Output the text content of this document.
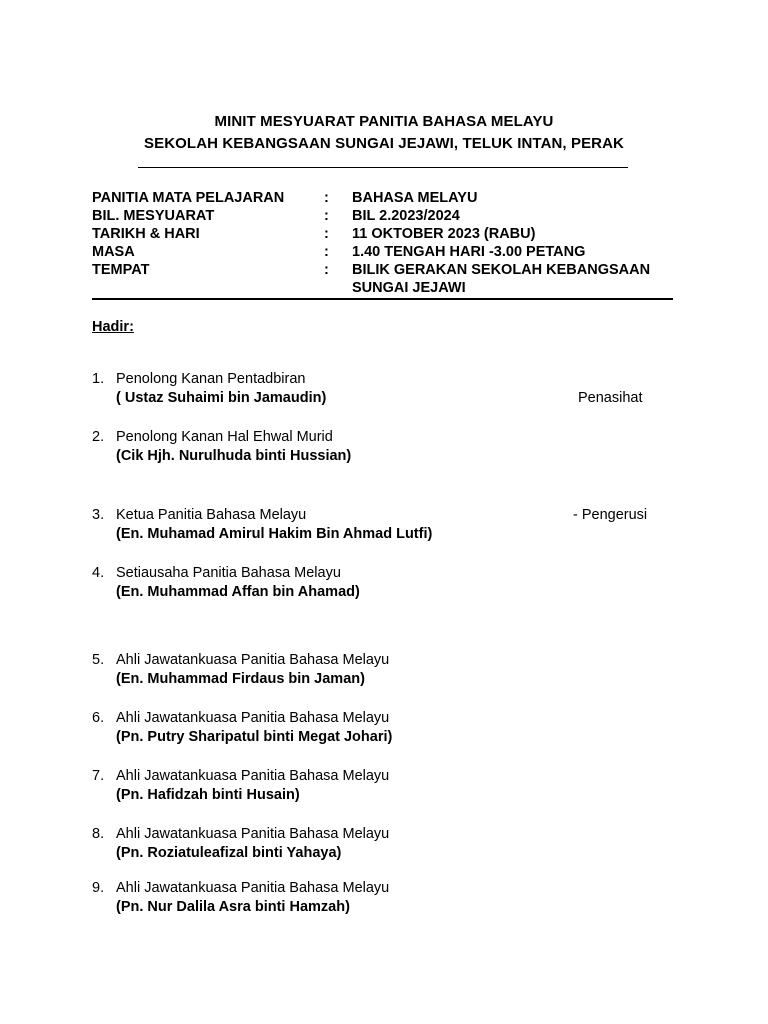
MINIT MESYUARAT PANITIA BAHASA MELAYU
SEKOLAH KEBANGSAAN SUNGAI JEJAWI, TELUK INTAN, PERAK
PANITIA MATA PELAJARAN	: BAHASA MELAYU
BIL. MESYUARAT	: BIL 2.2023/2024
TARIKH & HARI	: 11 OKTOBER 2023 (RABU)
MASA	: 1.40 TENGAH HARI -3.00 PETANG
TEMPAT	: BILIK GERAKAN SEKOLAH KEBANGSAAN SUNGAI JEJAWI
Hadir:
1. Penolong Kanan Pentadbiran
( Ustaz Suhaimi bin Jamaudin)	Penasihat
2. Penolong Kanan Hal Ehwal Murid
(Cik Hjh. Nurulhuda binti Hussian)
3. Ketua Panitia Bahasa Melayu
(En. Muhamad Amirul Hakim Bin Ahmad Lutfi)
- Pengerusi
4. Setiausaha Panitia Bahasa Melayu
(En. Muhammad Affan bin Ahamad)
5. Ahli Jawatankuasa Panitia Bahasa Melayu
(En. Muhammad Firdaus bin Jaman)
6. Ahli Jawatankuasa Panitia Bahasa Melayu
(Pn. Putry Sharipatul binti Megat Johari)
7. Ahli Jawatankuasa Panitia Bahasa Melayu
(Pn. Hafidzah binti Husain)
8. Ahli Jawatankuasa Panitia Bahasa Melayu
(Pn. Roziatuleafizal binti Yahaya)
9. Ahli Jawatankuasa Panitia Bahasa Melayu
(Pn. Nur Dalila Asra binti Hamzah)
